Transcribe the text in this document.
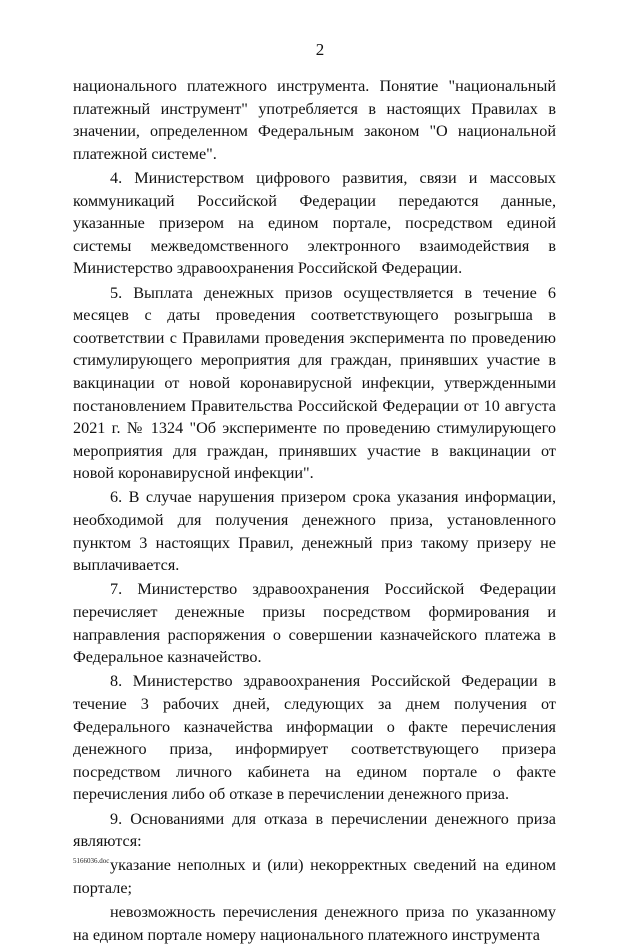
2

национального платежного инструмента. Понятие "национальный платежный инструмент" употребляется в настоящих Правилах в значении, определенном Федеральным законом "О национальной платежной системе".

4. Министерством цифрового развития, связи и массовых коммуникаций Российской Федерации передаются данные, указанные призером на едином портале, посредством единой системы межведомственного электронного взаимодействия в Министерство здравоохранения Российской Федерации.

5. Выплата денежных призов осуществляется в течение 6 месяцев с даты проведения соответствующего розыгрыша в соответствии с Правилами проведения эксперимента по проведению стимулирующего мероприятия для граждан, принявших участие в вакцинации от новой коронавирусной инфекции, утвержденными постановлением Правительства Российской Федерации от 10 августа 2021 г. № 1324 "Об эксперименте по проведению стимулирующего мероприятия для граждан, принявших участие в вакцинации от новой коронавирусной инфекции".

6. В случае нарушения призером срока указания информации, необходимой для получения денежного приза, установленного пунктом 3 настоящих Правил, денежный приз такому призеру не выплачивается.

7. Министерство здравоохранения Российской Федерации перечисляет денежные призы посредством формирования и направления распоряжения о совершении казначейского платежа в Федеральное казначейство.

8. Министерство здравоохранения Российской Федерации в течение 3 рабочих дней, следующих за днем получения от Федерального казначейства информации о факте перечисления денежного приза, информирует соответствующего призера посредством личного кабинета на едином портале о факте перечисления либо об отказе в перечислении денежного приза.

9. Основаниями для отказа в перечислении денежного приза являются:

указание неполных и (или) некорректных сведений на едином портале;

невозможность перечисления денежного приза по указанному на едином портале номеру национального платежного инструмента

5166036.doc
